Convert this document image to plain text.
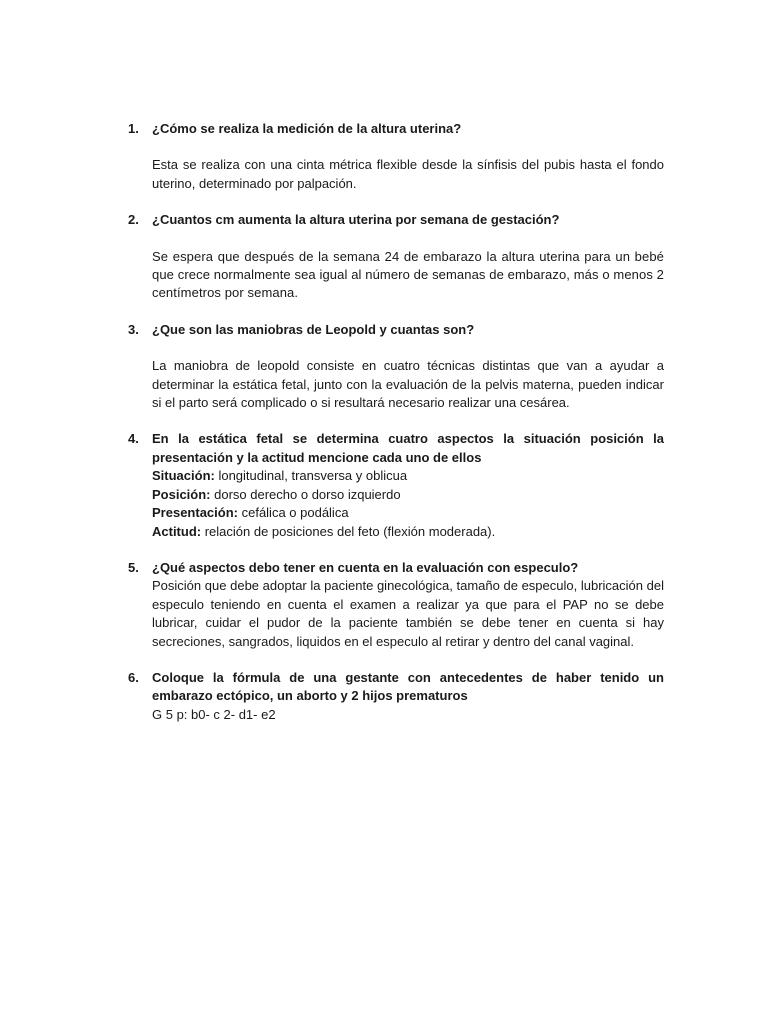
1. ¿Cómo se realiza la medición de la altura uterina?
Esta se realiza con una cinta métrica flexible desde la sínfisis del pubis hasta el fondo uterino, determinado por palpación.
2. ¿Cuantos cm aumenta la altura uterina por semana de gestación?
Se espera que después de la semana 24 de embarazo la altura uterina para un bebé que crece normalmente sea igual al número de semanas de embarazo, más o menos 2 centímetros por semana.
3. ¿Que son las maniobras de Leopold y cuantas son?
La maniobra de leopold consiste en cuatro técnicas distintas que van a ayudar a determinar la estática fetal, junto con la evaluación de la pelvis materna, pueden indicar si el parto será complicado o si resultará necesario realizar una cesárea.
4. En la estática fetal se determina cuatro aspectos la situación posición la presentación y la actitud mencione cada uno de ellos
Situación: longitudinal, transversa y oblicua
Posición: dorso derecho o dorso izquierdo
Presentación: cefálica o podálica
Actitud: relación de posiciones del feto (flexión moderada).
5. ¿Qué aspectos debo tener en cuenta en la evaluación con especulo?
Posición que debe adoptar la paciente ginecológica, tamaño de especulo, lubricación del especulo teniendo en cuenta el examen a realizar ya que para el PAP no se debe lubricar, cuidar el pudor de la paciente también se debe tener en cuenta si hay secreciones, sangrados, liquidos en el especulo al retirar y dentro del canal vaginal.
6. Coloque la fórmula de una gestante con antecedentes de haber tenido un embarazo ectópico, un aborto y 2 hijos prematuros
G 5 p: b0- c 2- d1- e2
